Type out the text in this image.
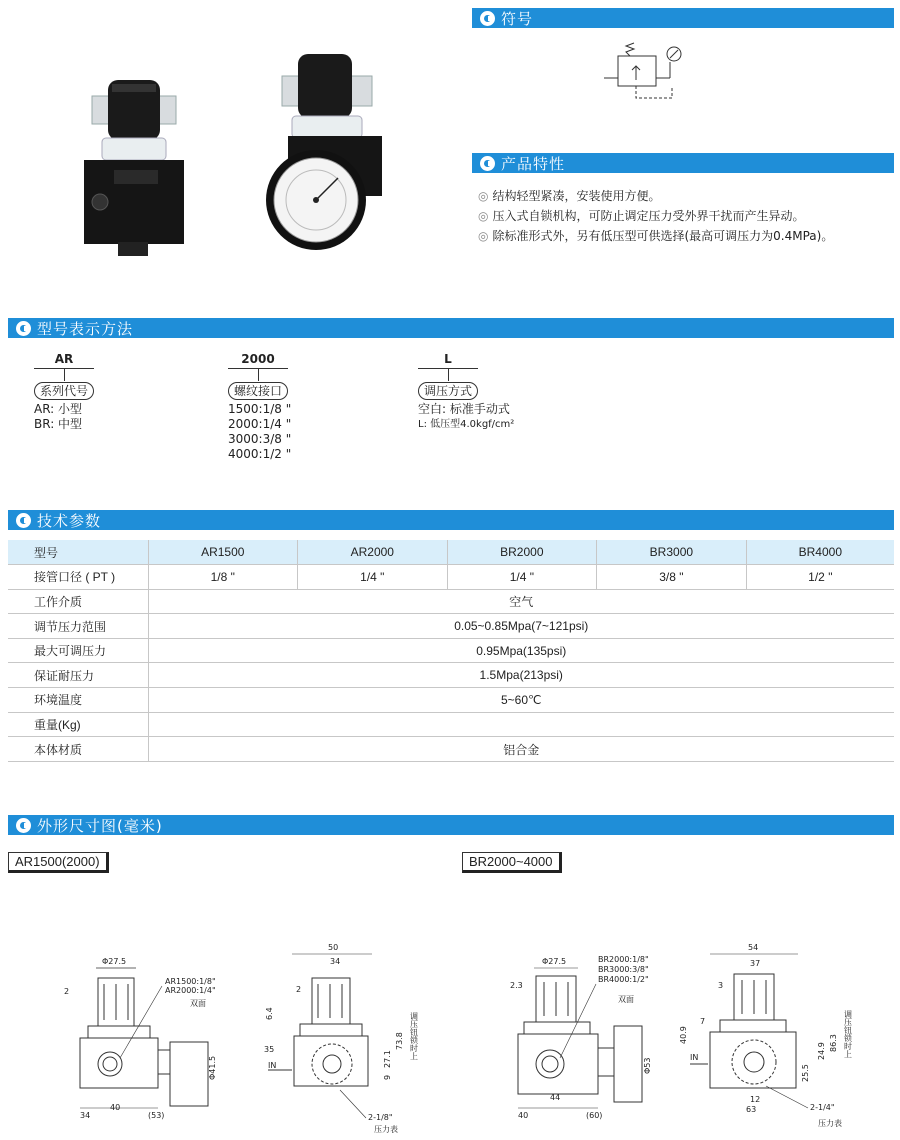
符号
产品特性
◎ 结构轻型紧凑，安装使用方便。
◎ 压入式自锁机构，可防止调定压力受外界干扰而产生异动。
◎ 除标准形式外，另有低压型可供选择(最高可调压力为0.4MPa)。
型号表示方法
AR
系列代号
AR: 小型
BR: 中型
2000
螺纹接口
1500:1/8 "
2000:1/4 "
3000:3/8 "
4000:1/2 "
L
调压方式
空白: 标准手动式
L: 低压型4.0kgf/cm²
技术参数
型号	AR1500	AR2000	BR2000	BR3000	BR4000
接管口径 ( PT )	1/8 "	1/4 "	1/4 "	3/8 "	1/2 "
工作介质	空气				
调节压力范围	0.05~0.85Mpa(7~121psi)				
最大可调压力	0.95Mpa(135psi)				
保证耐压力	1.5Mpa(213psi)				
环境温度	5~60℃				
重量(Kg)					
本体材质	铝合金				
外形尺寸图(毫米)
AR1500(2000)	BR2000~4000
Φ27.5
2
AR1500:1/8"
AR2000:1/4"
双面
Φ41.5
34
40
(53)
50
34
2
6.4
35
IN
73.8
27.1
9
调压钮锁时上
2-1/8"
压力表
Φ27.5
2.3
BR2000:1/8"
BR3000:3/8"
BR4000:1/2"
双面
Φ53
40
44
(60)
54
37
3
7
40.9
IN
86.3
24.9
25.5
调压钮锁时上
12
63	2-1/4"
压力表
